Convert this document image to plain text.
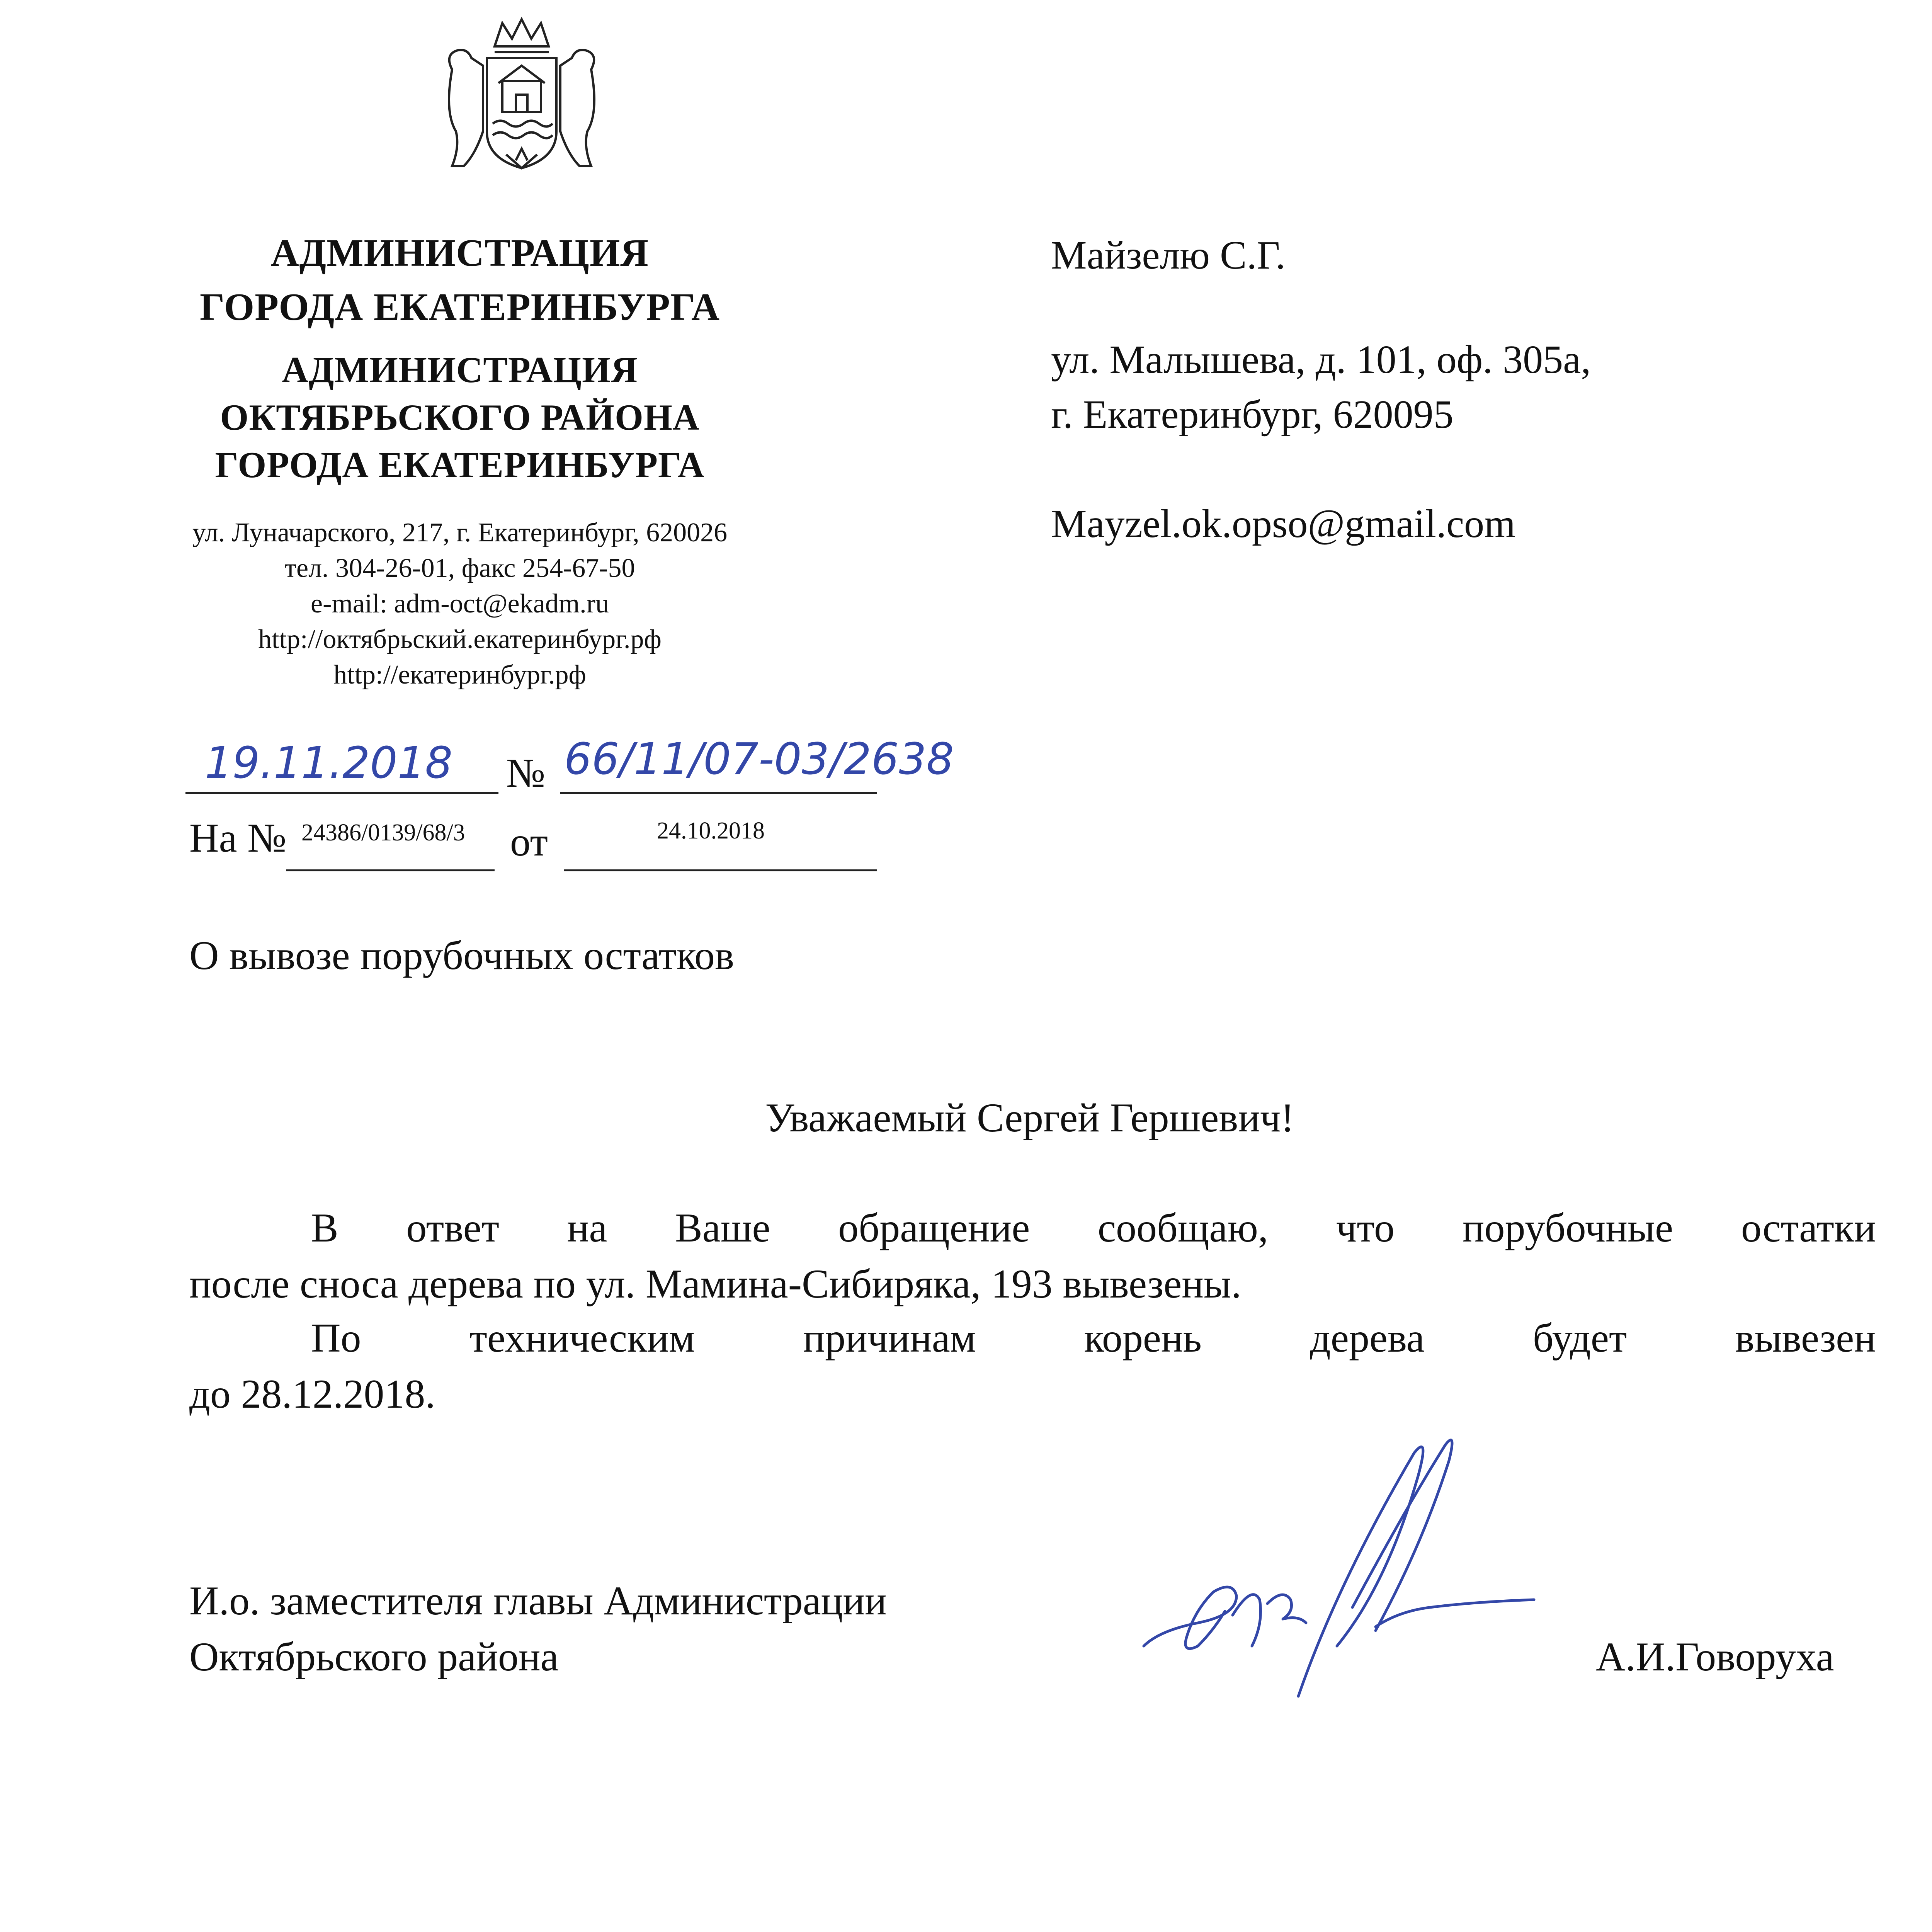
АДМИНИСТРАЦИЯ
ГОРОДА ЕКАТЕРИНБУРГА
АДМИНИСТРАЦИЯ
ОКТЯБРЬСКОГО РАЙОНА
ГОРОДА ЕКАТЕРИНБУРГА
ул. Луначарского, 217, г. Екатеринбург, 620026
тел. 304-26-01, факс 254-67-50
e-mail: adm-oct@ekadm.ru
http://октябрьский.екатеринбург.рф
http://екатеринбург.рф
Майзелю С.Г.
ул. Малышева, д. 101, оф. 305а,
г. Екатеринбург, 620095
Mayzel.ok.opso@gmail.com
19.11.2018 № 66/11/07-03/2638
На № 24386/0139/68/3 от	24.10.2018
О вывозе порубочных остатков
Уважаемый Сергей Гершевич!
В ответ на Ваше обращение сообщаю, что порубочные остатки
после сноса дерева по ул. Мамина-Сибиряка, 193 вывезены.
По техническим причинам корень дерева будет вывезен
до 28.12.2018.
И.о. заместителя главы Администрации
Октябрьского района	А.И.Говоруха
